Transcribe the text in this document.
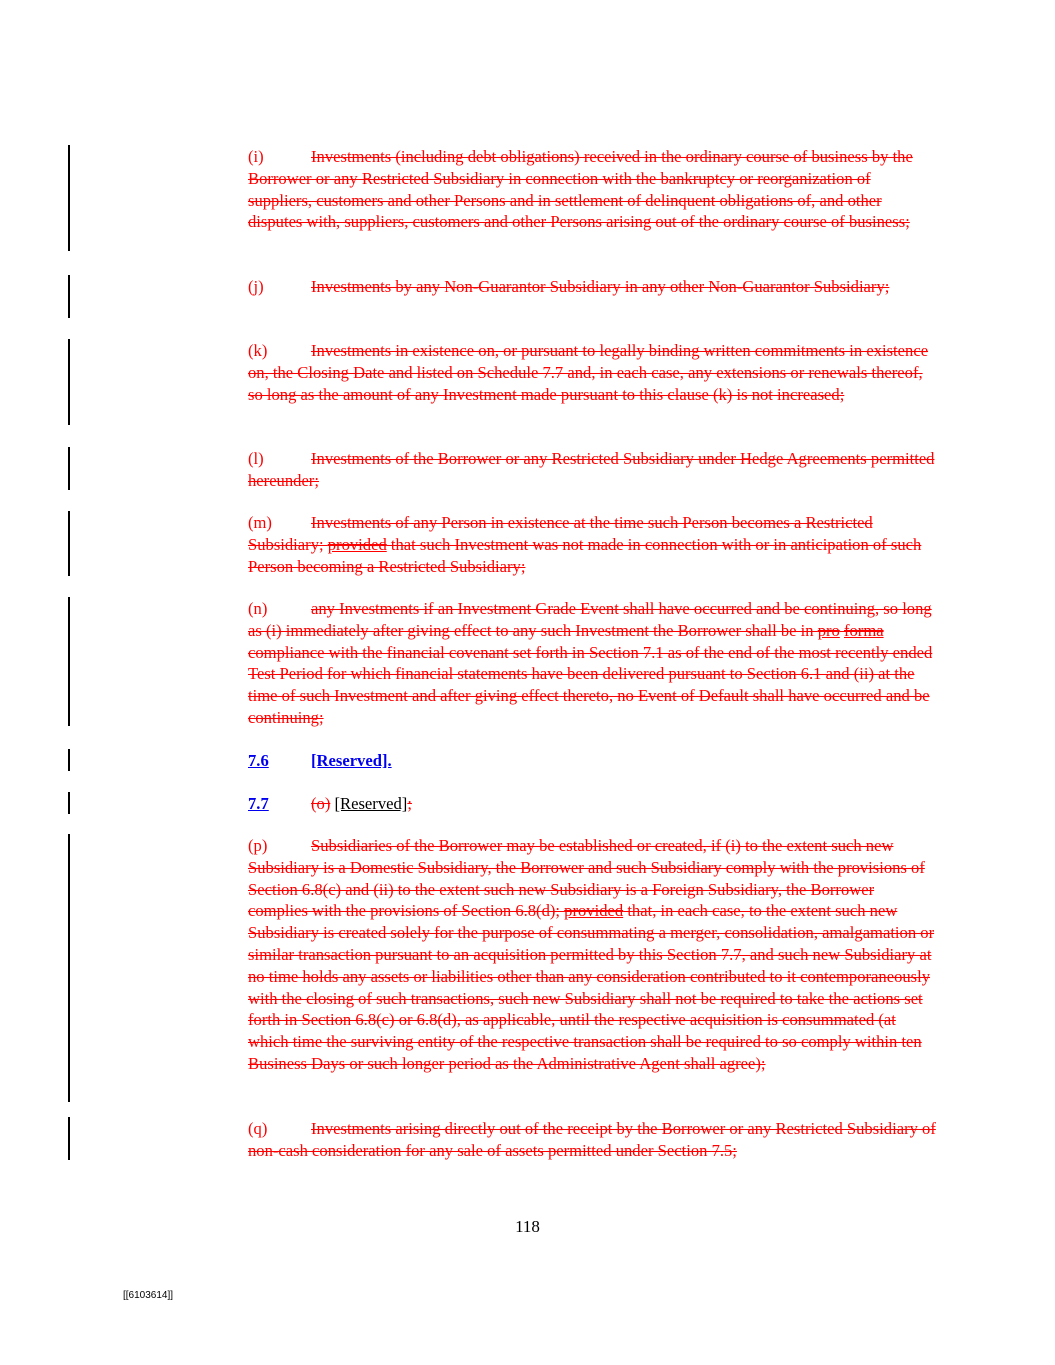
(i)	Investments (including debt obligations) received in the ordinary course of business by the Borrower or any Restricted Subsidiary in connection with the bankruptcy or reorganization of suppliers, customers and other Persons and in settlement of delinquent obligations of, and other disputes with, suppliers, customers and other Persons arising out of the ordinary course of business;
(j)	Investments by any Non-Guarantor Subsidiary in any other Non-Guarantor Subsidiary;
(k)	Investments in existence on, or pursuant to legally binding written commitments in existence on, the Closing Date and listed on Schedule 7.7 and, in each case, any extensions or renewals thereof, so long as the amount of any Investment made pursuant to this clause (k) is not increased;
(l)	Investments of the Borrower or any Restricted Subsidiary under Hedge Agreements permitted hereunder;
(m) Investments of any Person in existence at the time such Person becomes a Restricted Subsidiary; provided that such Investment was not made in connection with or in anticipation of such Person becoming a Restricted Subsidiary;
(n)	any Investments if an Investment Grade Event shall have occurred and be continuing, so long as (i) immediately after giving effect to any such Investment the Borrower shall be in pro forma compliance with the financial covenant set forth in Section 7.1 as of the end of the most recently ended Test Period for which financial statements have been delivered pursuant to Section 6.1 and (ii) at the time of such Investment and after giving effect thereto, no Event of Default shall have occurred and be continuing;
7.6	[Reserved].
7.7	(o) [Reserved];
(p)	Subsidiaries of the Borrower may be established or created, if (i) to the extent such new Subsidiary is a Domestic Subsidiary, the Borrower and such Subsidiary comply with the provisions of Section 6.8(c) and (ii) to the extent such new Subsidiary is a Foreign Subsidiary, the Borrower complies with the provisions of Section 6.8(d); provided that, in each case, to the extent such new Subsidiary is created solely for the purpose of consummating a merger, consolidation, amalgamation or similar transaction pursuant to an acquisition permitted by this Section 7.7, and such new Subsidiary at no time holds any assets or liabilities other than any consideration contributed to it contemporaneously with the closing of such transactions, such new Subsidiary shall not be required to take the actions set forth in Section 6.8(c) or 6.8(d), as applicable, until the respective acquisition is consummated (at which time the surviving entity of the respective transaction shall be required to so comply within ten Business Days or such longer period as the Administrative Agent shall agree);
(q)	Investments arising directly out of the receipt by the Borrower or any Restricted Subsidiary of non-cash consideration for any sale of assets permitted under Section 7.5;
118
[[6103614]]
